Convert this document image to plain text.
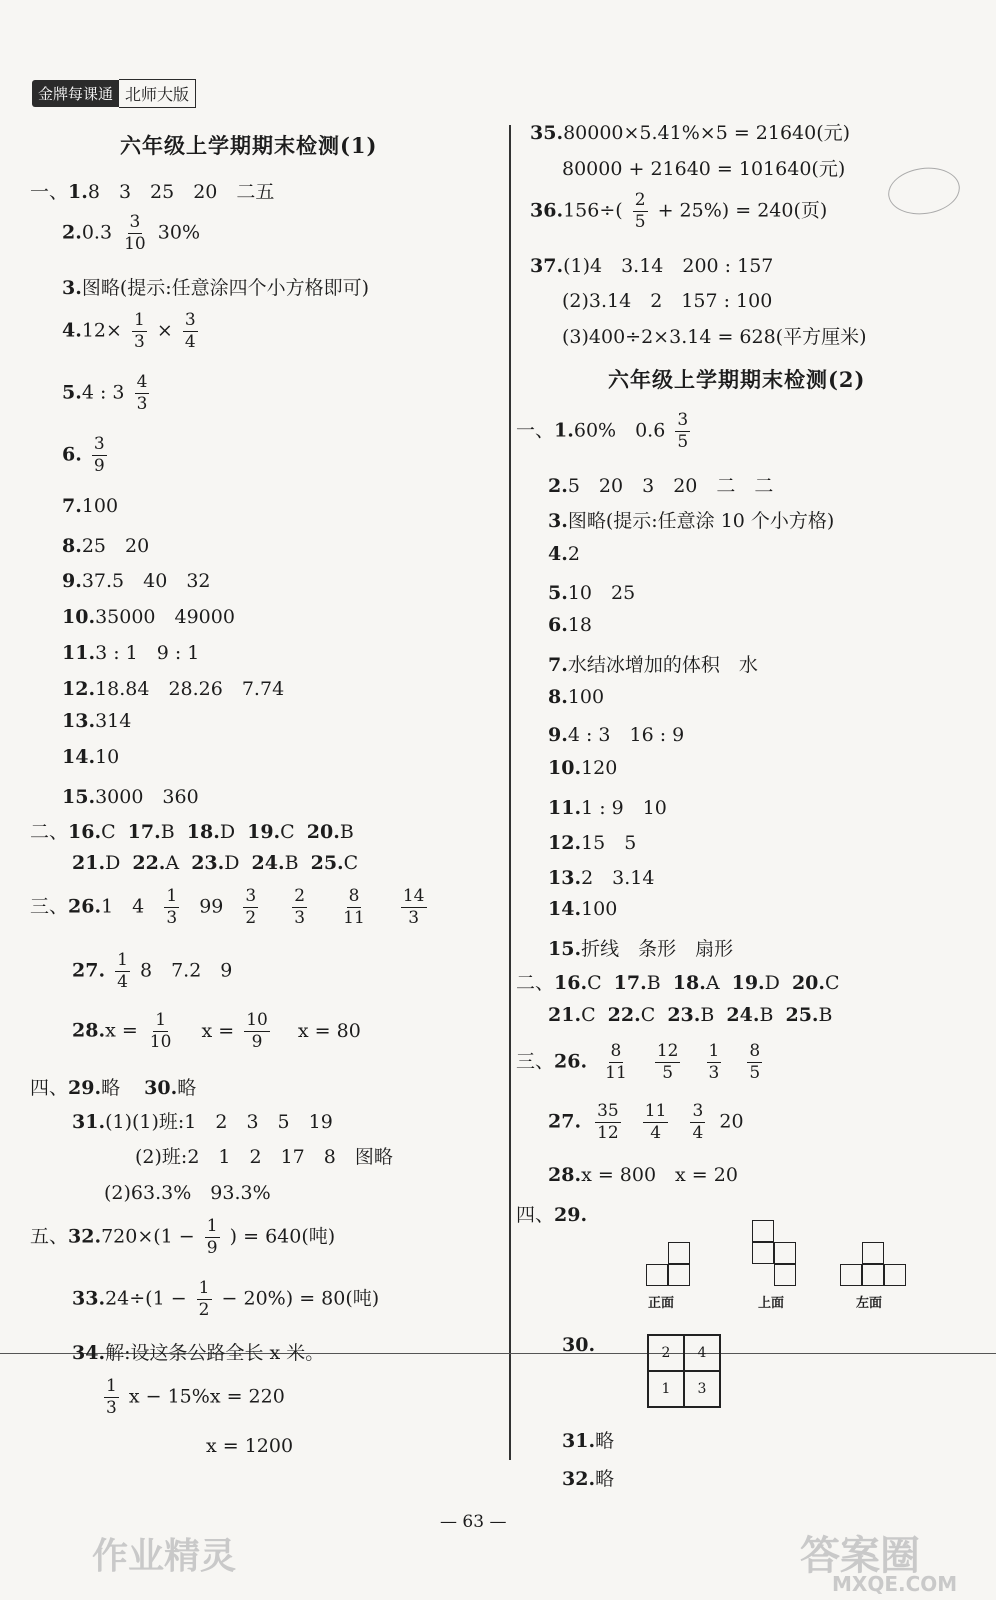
金牌每课通 北师大版
六年级上学期期末检测(1)
一、1.8　3　25　20　二五
$2.0.3 \frac{3}{10} 30\%$
3.图略(提示:任意涂四个小方格即可)
$4.12\times \frac{1}{3} \times \frac{3}{4}$
5.4 : $3 \frac{4}{3}$
6. $\frac{3}{9}$
7.100
8.25　20
9.37.5　40　32
10.35000　49000
11.3 : 1　9 : 1
12.18.84　28.26　7.74
13.314
14.10
15.3000　360
二、16.C 17.B 18.D 19.C 20.B
21.D 22.A 23.D 24.B 25.C
三、26.1　$4 \frac{1}{3} 99 \frac{3}{2}$
$\frac{2}{3}$
$\frac{8}{11}$
$\frac{14}{3}$
27. $\frac{1}{4} 8$　7.2　9
$28.x = \frac{1}{10}$ $x = \frac{10}{9}$ x = 80
四、29.略 30.略
31.(1)(1)班:1　2　3　5　19
(2)班:2　1　2　17　8　图略
(2)63.3%　93.3%
五、$32.720\times(1 - \frac{1}{9}$ ) = 640(吨)
$33.24\div(1 - \frac{1}{2} - 20\%) = 80$(吨)
34.解:设这条公路全长 x 米。
$\frac{1}{3}$ x − 15%x = 220
x = 1200
35.80000×5.41%×5 = 21640(元)
80000 + 21640 = 101640(元)
$36.156\div( \frac{2}{5} + 25\%) = 240$(页)
37.(1)4　3.14　200 : 157
(2)3.14　2　157 : 100
(3)400÷2×3.14 = 628(平方厘米)
六年级上学期期末检测(2)
一、1.60%　$0.6 \frac{3}{5}$
2.5　20　3　20　二　二
3.图略(提示:任意涂 10 个小方格)
4.2
5.10　25
6.18
7.水结冰增加的体积　水
8.100
9.4 : 3　16 : 9
10.120
11.1 : 9　10
12.15　5
13.2　3.14
14.100
15.折线　条形　扇形
二、16.C 17.B 18.A 19.D 20.C
21.C 22.C 23.B 24.B 25.B
三、26. $\frac{8}{11}$
$\frac{12}{5}$
$\frac{1}{3}$
$\frac{8}{5}$
27. $\frac{35}{12}$
$\frac{11}{4}$
$\frac{3}{4} 20$
28.x = 800　x = 20
四、29.
正面	上面	左面
30.	2	4
1	3
31.略
32.略
— 63 —
作业精灵	答案圈
MXQE.COM
